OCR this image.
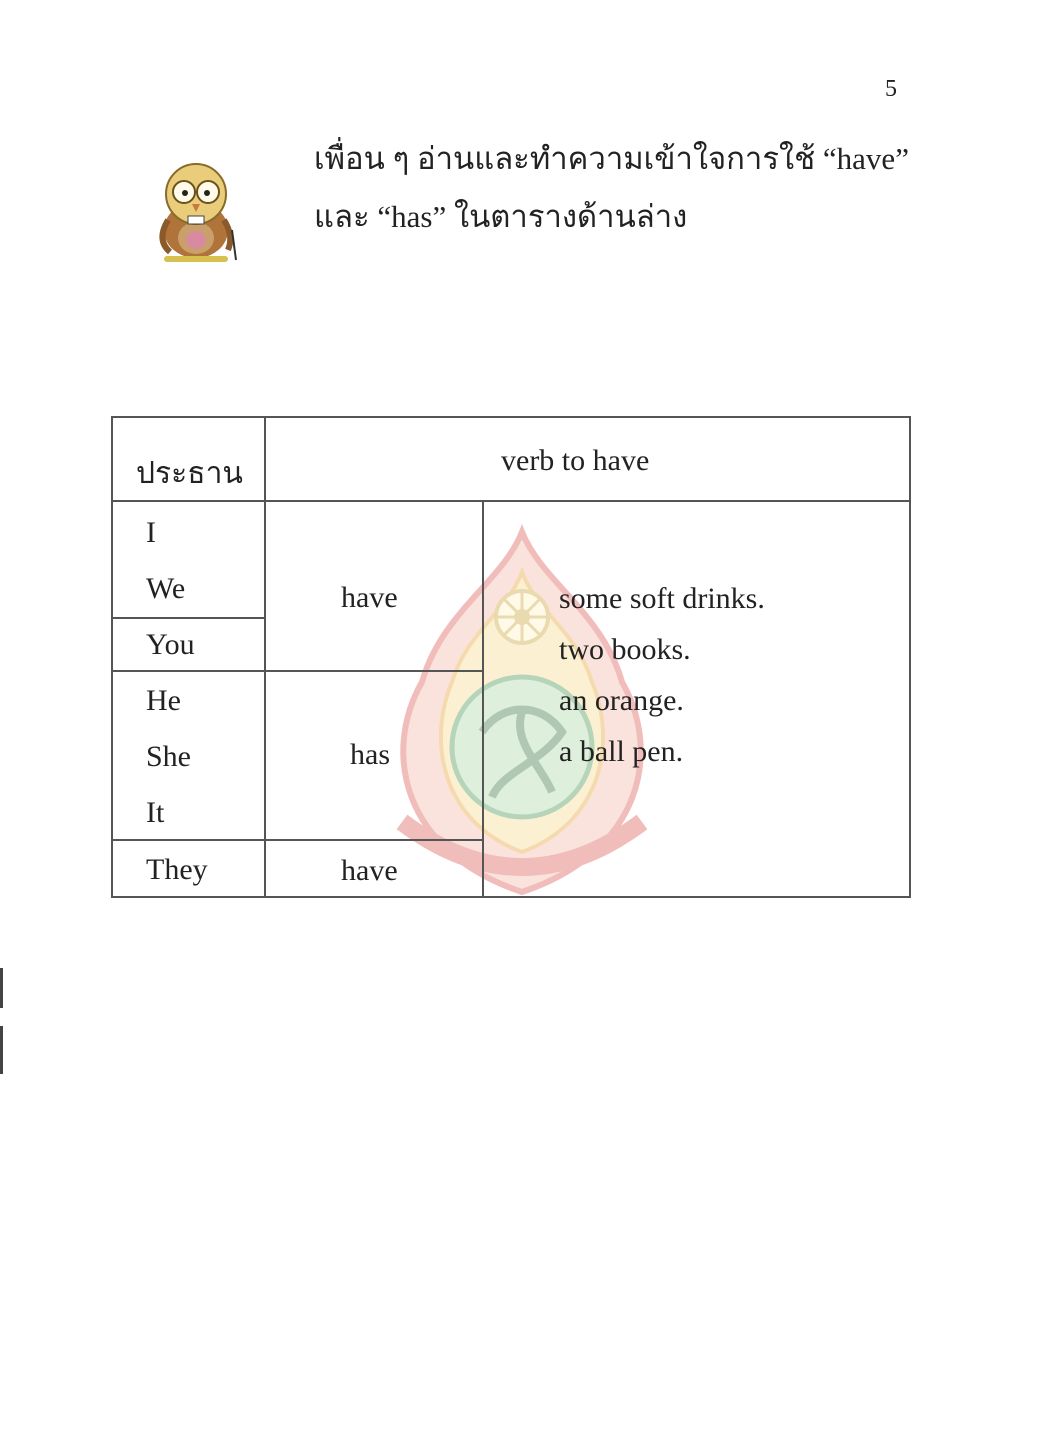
5
เพื่อน ๆ อ่านและทำความเข้าใจการใช้ “have”
และ “has” ในตารางด้านล่าง
ประธาน	verb to have
I
We
You
He
She
It
They
have
has
have
some soft drinks.
two books.
an orange.
a ball pen.
